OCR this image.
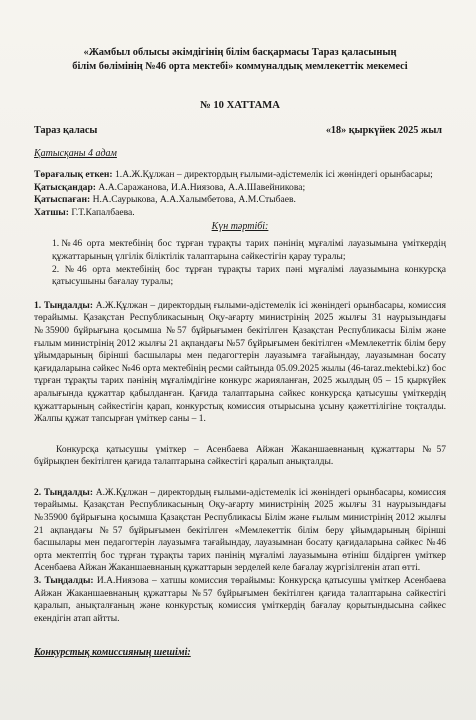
«Жамбыл облысы әкімдігінің білім басқармасы Тараз қаласының
білім бөлімінің №46 орта мектебі» коммуналдық мемлекеттік мекемесі
№ 10 ХАТТАМА
Тараз қаласы	«18» қыркүйек 2025 жыл
Қатысқаны 4 адам
Төрағалық еткен: 1.А.Ж.Құлжан – директордың ғылыми-әдістемелік ісі жөніндегі орынбасары;
Қатысқандар: А.А.Саражанова, И.А.Ниязова, А.А.Шавейникова;
Қатыспаған: Н.А.Саурыкова, А.А.Халымбетова, А.М.Стыбаев.
Хатшы: Г.Т.Капалбаева.
Күн тәртібі:

1.№46 орта мектебінің бос тұрған тұрақты тарих пәнінің мұғалімі лауазымына үміткердің құжаттарының үлгілік біліктілік талаптарына сәйкестігін қарау туралы;

2. №46 орта мектебінің бос тұрған тұрақты тарих пәні мұғалімі лауазымына конкурсқа қатысушыны бағалау туралы;

1. Тыңдалды: А.Ж.Құлжан – директордың ғылыми-әдістемелік ісі жөніндегі орынбасары, комиссия төрайымы. Қазақстан Республикасының Оқу-ағарту министрінің 2025 жылғы 31 наурызындағы №35900 бұйрығына қосымша №57 бұйрығымен бекітілген Қазақстан Республикасы Білім және ғылым министрінің 2012 жылғы 21 ақпандағы №57 бұйрығымен бекітілген «Мемлекеттік білім беру ұйымдарының бірінші басшылары мен педагогтерін лауазымға тағайындау, лауазымнан босату қағидаларына сәйкес №46 орта мектебінің ресми сайтында 05.09.2025 жылы (46-taraz.mektebi.kz) бос тұрған тұрақты тарих пәнінің мұғалімдігіне конкурс жарияланған, 2025 жылдың 05 – 15 қыркүйек аралығында құжаттар қабылданған. Қағида талаптарына сәйкес конкурсқа қатысушы үміткердің құжаттарының сәйкестігін қарап, конкурстық комиссия отырысына ұсыну қажеттілігіне тоқталды. Жалпы құжат тапсырған үміткер саны – 1.
Конкурсқа қатысушы үміткер – Асенбаева Айжан Жаканшаевнаның құжаттары №57 бұйрықпен бекітілген қағида талаптарына сәйкестігі қаралып анықталды.
2. Тыңдалды: А.Ж.Құлжан – директордың ғылыми-әдістемелік ісі жөніндегі орынбасары, комиссия төрайымы. Қазақстан Республикасының Оқу-ағарту министрінің 2025 жылғы 31 наурызындағы №35900 бұйрығына қосымша Қазақстан Республикасы Білім және ғылым министрінің 2012 жылғы 21 ақпандағы №57 бұйрығымен бекітілген «Мемлекеттік білім беру ұйымдарының бірінші басшылары мен педагогтерін лауазымға тағайындау, лауазымнан босату қағидаларына сәйкес №46 орта мектептің бос тұрған тұрақты тарих пәнінің мұғалімі лауазымына өтініш білдірген үміткер Асенбаева Айжан Жаканшаевнаның құжаттарын зерделей келе бағалау жүргізілгенін атап өтті.
3. Тыңдалды: И.А.Ниязова – хатшы комиссия төрайымы: Конкурсқа қатысушы үміткер Асенбаева Айжан Жаканшаевнаның құжаттары №57 бұйрығымен бекітілген қағида талаптарына сәйкестігі қаралып, анықталғаның және конкурстық комиссия үміткердің бағалау қорытындысына сәйкес екендігін атап айтты.
Конкурстық комиссияның шешімі:
